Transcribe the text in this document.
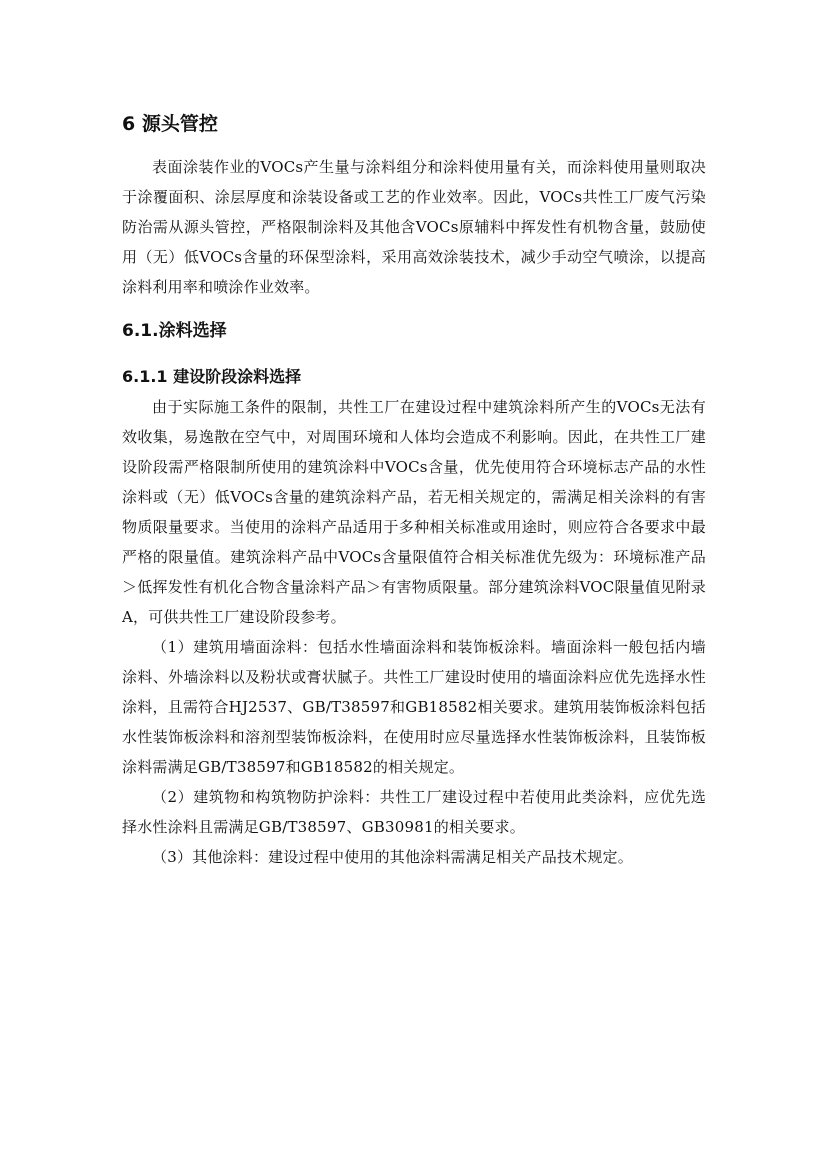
6 源头管控

表面涂装作业的VOCs产生量与涂料组分和涂料使用量有关，而涂料使用量则取决于涂覆面积、涂层厚度和涂装设备或工艺的作业效率。因此，VOCs共性工厂废气污染防治需从源头管控，严格限制涂料及其他含VOCs原辅料中挥发性有机物含量，鼓励使用（无）低VOCs含量的环保型涂料，采用高效涂装技术，减少手动空气喷涂，以提高涂料利用率和喷涂作业效率。

6.1.涂料选择
6.1.1 建设阶段涂料选择

由于实际施工条件的限制，共性工厂在建设过程中建筑涂料所产生的VOCs无法有效收集，易逸散在空气中，对周围环境和人体均会造成不利影响。因此，在共性工厂建设阶段需严格限制所使用的建筑涂料中VOCs含量，优先使用符合环境标志产品的水性涂料或（无）低VOCs含量的建筑涂料产品，若无相关规定的，需满足相关涂料的有害物质限量要求。当使用的涂料产品适用于多种相关标准或用途时，则应符合各要求中最严格的限量值。建筑涂料产品中VOCs含量限值符合相关标准优先级为：环境标准产品＞低挥发性有机化合物含量涂料产品＞有害物质限量。部分建筑涂料VOC限量值见附录A，可供共性工厂建设阶段参考。

（1）建筑用墙面涂料：包括水性墙面涂料和装饰板涂料。墙面涂料一般包括内墙涂料、外墙涂料以及粉状或膏状腻子。共性工厂建设时使用的墙面涂料应优先选择水性涂料，且需符合HJ2537、GB/T38597和GB18582相关要求。建筑用装饰板涂料包括水性装饰板涂料和溶剂型装饰板涂料，在使用时应尽量选择水性装饰板涂料，且装饰板涂料需满足GB/T38597和GB18582的相关规定。

（2）建筑物和构筑物防护涂料：共性工厂建设过程中若使用此类涂料，应优先选择水性涂料且需满足GB/T38597、GB30981的相关要求。

（3）其他涂料：建设过程中使用的其他涂料需满足相关产品技术规定。
